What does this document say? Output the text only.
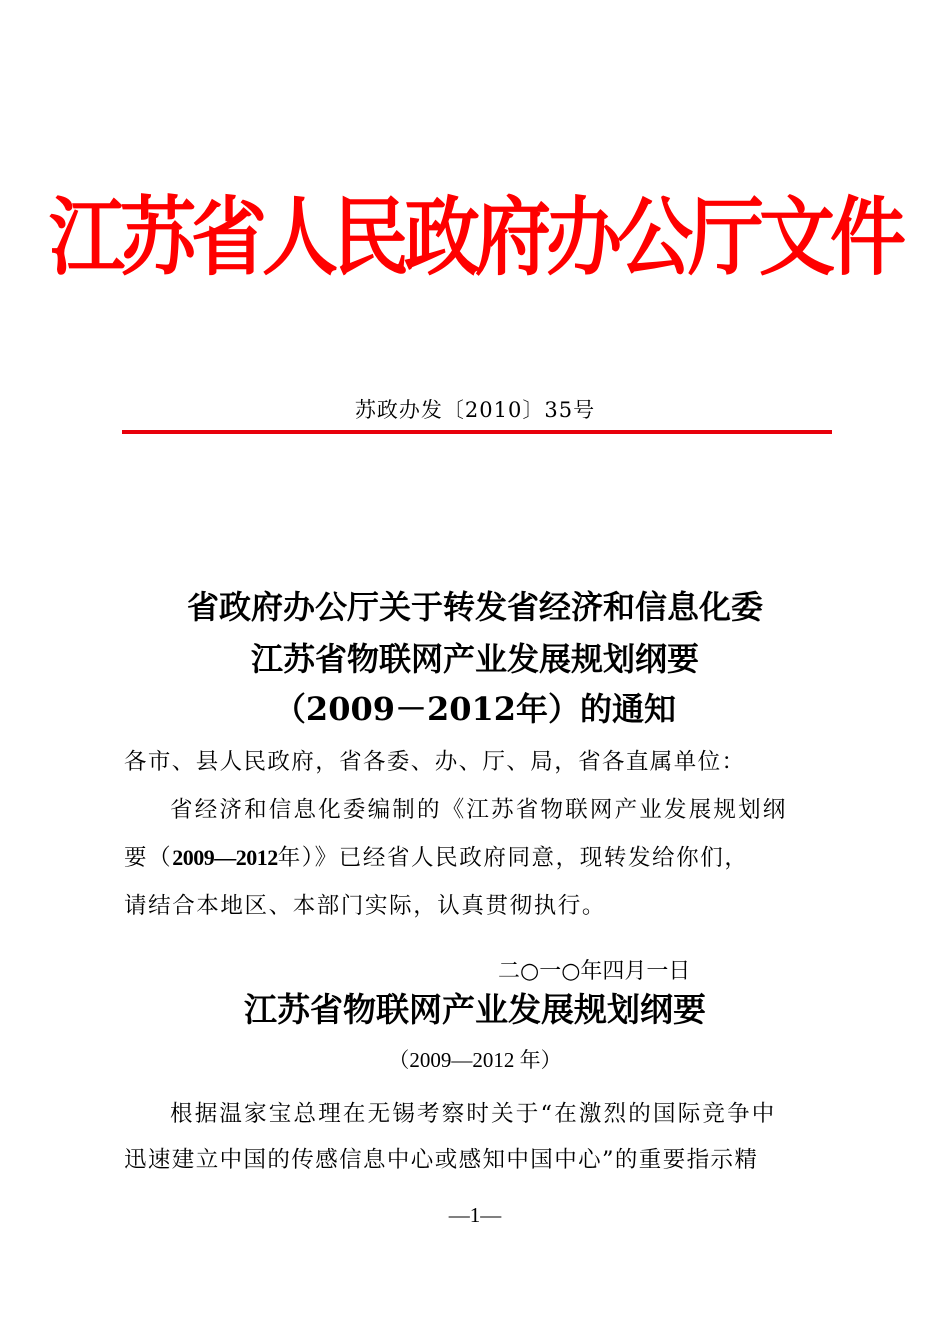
江苏省人民政府办公厅文件
苏政办发〔2010〕35号
省政府办公厅关于转发省经济和信息化委
江苏省物联网产业发展规划纲要
（2009－2012年）的通知
各市、县人民政府，省各委、办、厅、局，省各直属单位：
省经济和信息化委编制的《江苏省物联网产业发展规划纲
要（2009—2012年）》已经省人民政府同意，现转发给你们，
请结合本地区、本部门实际，认真贯彻执行。
二○一○年四月一日
江苏省物联网产业发展规划纲要
（2009—2012 年）
根据温家宝总理在无锡考察时关于“在激烈的国际竞争中
迅速建立中国的传感信息中心或感知中国中心”的重要指示精
—1—
